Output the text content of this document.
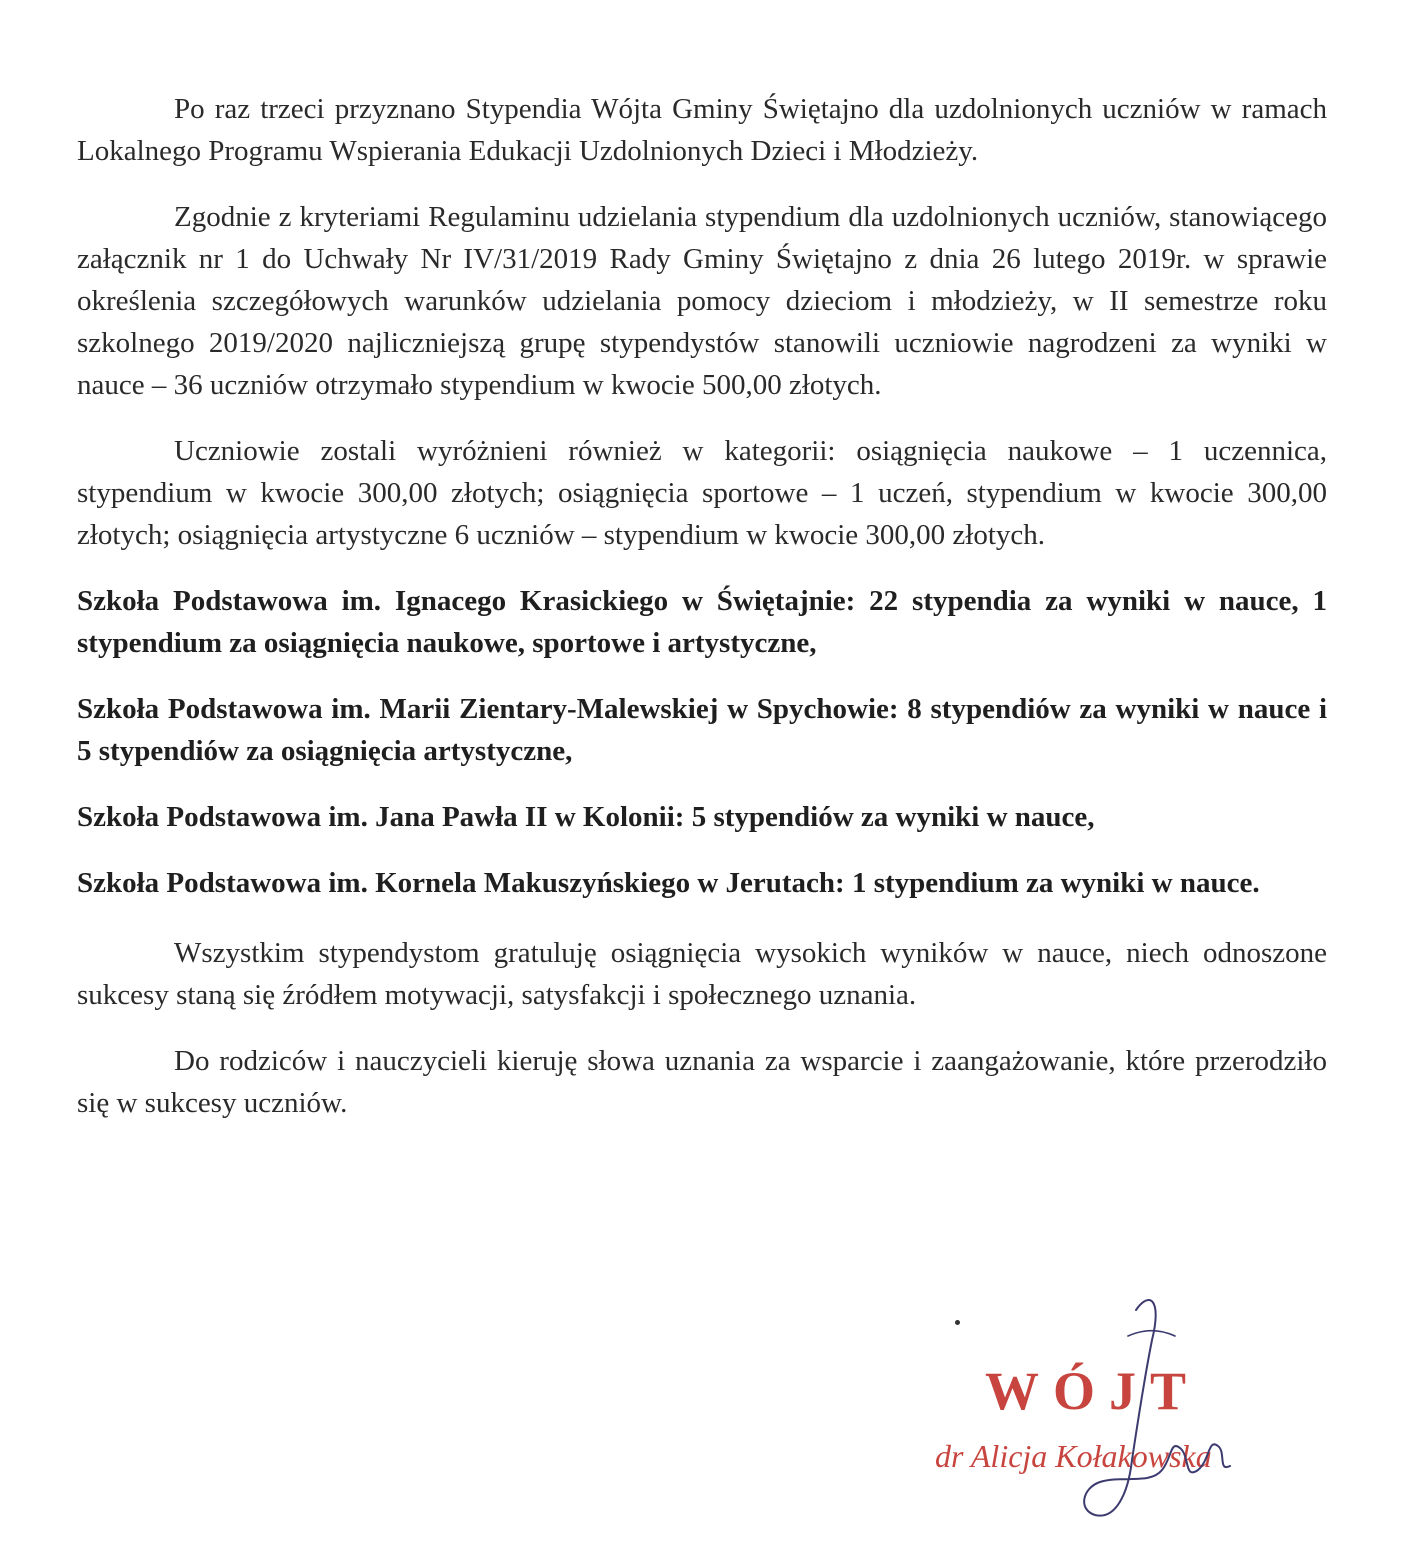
Po raz trzeci przyznano Stypendia Wójta Gminy Świętajno dla uzdolnionych uczniów w ramach Lokalnego Programu Wspierania Edukacji Uzdolnionych Dzieci i Młodzieży.

Zgodnie z kryteriami Regulaminu udzielania stypendium dla uzdolnionych uczniów, stanowiącego załącznik nr 1 do Uchwały Nr IV/31/2019 Rady Gminy Świętajno z dnia 26 lutego 2019r. w sprawie określenia szczegółowych warunków udzielania pomocy dzieciom i młodzieży, w II semestrze roku szkolnego 2019/2020 najliczniejszą grupę stypendystów stanowili uczniowie nagrodzeni za wyniki w nauce – 36 uczniów otrzymało stypendium w kwocie 500,00 złotych.

Uczniowie zostali wyróżnieni również w kategorii: osiągnięcia naukowe – 1 uczennica, stypendium w kwocie 300,00 złotych; osiągnięcia sportowe – 1 uczeń, stypendium w kwocie 300,00 złotych; osiągnięcia artystyczne 6 uczniów – stypendium w kwocie 300,00 złotych.

Szkoła Podstawowa im. Ignacego Krasickiego w Świętajnie: 22 stypendia za wyniki w nauce, 1 stypendium za osiągnięcia naukowe, sportowe i artystyczne,

Szkoła Podstawowa im. Marii Zientary-Malewskiej w Spychowie: 8 stypendiów za wyniki w nauce i 5 stypendiów za osiągnięcia artystyczne,

Szkoła Podstawowa im. Jana Pawła II w Kolonii: 5 stypendiów za wyniki w nauce,

Szkoła Podstawowa im. Kornela Makuszyńskiego w Jerutach: 1 stypendium za wyniki w nauce.

Wszystkim stypendystom gratuluję osiągnięcia wysokich wyników w nauce, niech odnoszone sukcesy staną się źródłem motywacji, satysfakcji i społecznego uznania.

Do rodziców i nauczycieli kieruję słowa uznania za wsparcie i zaangażowanie, które przerodziło się w sukcesy uczniów.

WÓJT
dr Alicja Kołakowska
